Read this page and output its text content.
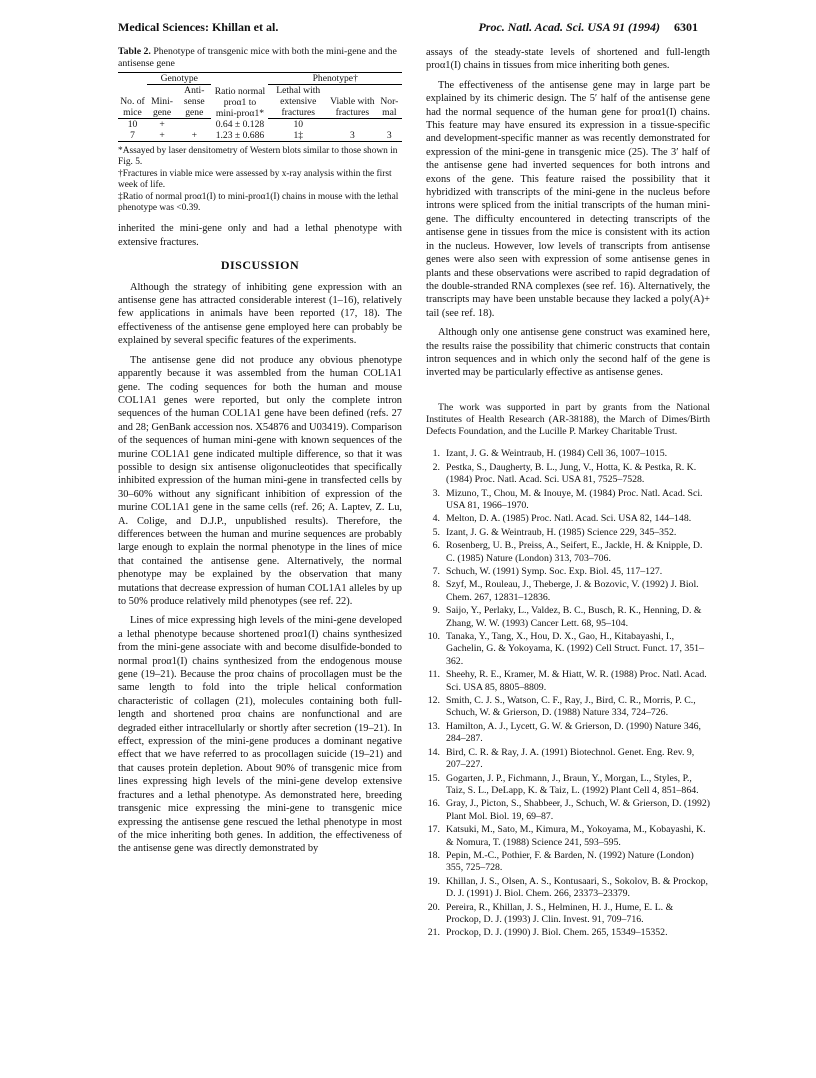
Medical Sciences: Khillan et al.	Proc. Natl. Acad. Sci. USA 91 (1994) 6301
Table 2. Phenotype of transgenic mice with both the mini-gene and the antisense gene
	Genotype		Ratio normal proα1 to mini-proα1*	Phenotype†		
No. of mice	Mini-gene	Anti-sense gene		Lethal with extensive fractures	Viable with fractures	Nor-mal
10	+		0.64 ± 0.128	10		
7	+	+	1.23 ± 0.686	1‡	3	3
*Assayed by laser densitometry of Western blots similar to those shown in Fig. 5.
†Fractures in viable mice were assessed by x-ray analysis within the first week of life.
‡Ratio of normal proα1(I) to mini-proα1(I) chains in mouse with the lethal phenotype was <0.39.

inherited the mini-gene only and had a lethal phenotype with extensive fractures.

DISCUSSION

Although the strategy of inhibiting gene expression with an antisense gene has attracted considerable interest (1–16), relatively few applications in animals have been reported (17, 18). The effectiveness of the antisense gene employed here can probably be explained by several specific features of the experiments.

The antisense gene did not produce any obvious phenotype apparently because it was assembled from the human COL1A1 gene. The coding sequences for both the human and mouse COL1A1 genes were reported, but only the complete intron sequences of the human COL1A1 gene have been defined (refs. 27 and 28; GenBank accession nos. X54876 and U03419). Comparison of the sequences of human mini-gene with known sequences of the murine COL1A1 gene indicated multiple difference, so that it was possible to design six antisense oligonucleotides that specifically inhibited expression of the human mini-gene in transfected cells by 30–60% without any significant inhibition of expression of the murine COL1A1 gene in the same cells (ref. 26; A. Laptev, Z. Lu, A. Colige, and D.J.P., unpublished results). Therefore, the differences between the human and murine sequences are probably large enough to explain the normal phenotype in the lines of mice that contained the antisense gene. Alternatively, the normal phenotype may be explained by the observation that many mutations that decrease expression of human COL1A1 alleles by up to 50% produce relatively mild phenotypes (see ref. 22).

Lines of mice expressing high levels of the mini-gene developed a lethal phenotype because shortened proα1(I) chains synthesized from the mini-gene associate with and become disulfide-bonded to normal proα1(I) chains synthesized from the endogenous mouse gene (19–21). Because the proα chains of procollagen must be the same length to fold into the triple helical conformation characteristic of collagen (21), molecules containing both full-length and shortened proα chains are nonfunctional and are degraded either intracellularly or shortly after secretion (19–21). In effect, expression of the mini-gene produces a dominant negative effect that we have referred to as procollagen suicide (19–21) and that causes protein depletion. About 90% of transgenic mice from lines expressing high levels of the mini-gene develop extensive fractures and a lethal phenotype. As demonstrated here, breeding transgenic mice expressing the mini-gene to transgenic mice expressing the antisense gene rescued the lethal phenotype in most of the mice inheriting both genes. In addition, the effectiveness of the antisense gene was directly demonstrated by

assays of the steady-state levels of shortened and full-length proα1(I) chains in tissues from mice inheriting both genes.

The effectiveness of the antisense gene may in large part be explained by its chimeric design. The 5′ half of the antisense gene had the normal sequence of the human gene for proα1(I) chains. This feature may have ensured its expression in a tissue-specific and development-specific manner as was recently demonstrated for expression of the mini-gene in transgenic mice (25). The 3′ half of the antisense gene had inverted sequences for both introns and exons of the gene. This feature raised the possibility that it hybridized with transcripts of the mini-gene in the nucleus before introns were spliced from the initial transcripts of the human mini-gene. The difficulty encountered in detecting transcripts of the antisense gene in tissues from the mice is consistent with its action in the nucleus. However, low levels of transcripts from antisense genes were also seen with expression of some antisense genes in plants and these observations were ascribed to rapid degradation of the double-stranded RNA complexes (see ref. 16). Alternatively, the transcripts may have been unstable because they lacked a poly(A)+ tail (see ref. 18).

Although only one antisense gene construct was examined here, the results raise the possibility that chimeric constructs that contain intron sequences and in which only the second half of the gene is inverted may be particularly effective as antisense genes.

The work was supported in part by grants from the National Institutes of Health Research (AR-38188), the March of Dimes/Birth Defects Foundation, and the Lucille P. Markey Charitable Trust.
1. Izant, J. G. & Weintraub, H. (1984) Cell 36, 1007–1015.
2. Pestka, S., Daugherty, B. L., Jung, V., Hotta, K. & Pestka, R. K. (1984) Proc. Natl. Acad. Sci. USA 81, 7525–7528.
3. Mizuno, T., Chou, M. & Inouye, M. (1984) Proc. Natl. Acad. Sci. USA 81, 1966–1970.
4. Melton, D. A. (1985) Proc. Natl. Acad. Sci. USA 82, 144–148.
5. Izant, J. G. & Weintraub, H. (1985) Science 229, 345–352.
6. Rosenberg, U. B., Preiss, A., Seifert, E., Jackle, H. & Knipple, D. C. (1985) Nature (London) 313, 703–706.
7. Schuch, W. (1991) Symp. Soc. Exp. Biol. 45, 117–127.
8. Szyf, M., Rouleau, J., Theberge, J. & Bozovic, V. (1992) J. Biol. Chem. 267, 12831–12836.
9. Saijo, Y., Perlaky, L., Valdez, B. C., Busch, R. K., Henning, D. & Zhang, W. W. (1993) Cancer Lett. 68, 95–104.
10. Tanaka, Y., Tang, X., Hou, D. X., Gao, H., Kitabayashi, I., Gachelin, G. & Yokoyama, K. (1992) Cell Struct. Funct. 17, 351–362.
11. Sheehy, R. E., Kramer, M. & Hiatt, W. R. (1988) Proc. Natl. Acad. Sci. USA 85, 8805–8809.
12. Smith, C. J. S., Watson, C. F., Ray, J., Bird, C. R., Morris, P. C., Schuch, W. & Grierson, D. (1988) Nature 334, 724–726.
13. Hamilton, A. J., Lycett, G. W. & Grierson, D. (1990) Nature 346, 284–287.
14. Bird, C. R. & Ray, J. A. (1991) Biotechnol. Genet. Eng. Rev. 9, 207–227.
15. Gogarten, J. P., Fichmann, J., Braun, Y., Morgan, L., Styles, P., Taiz, S. L., DeLapp, K. & Taiz, L. (1992) Plant Cell 4, 851–864.
16. Gray, J., Picton, S., Shabbeer, J., Schuch, W. & Grierson, D. (1992) Plant Mol. Biol. 19, 69–87.
17. Katsuki, M., Sato, M., Kimura, M., Yokoyama, M., Kobayashi, K. & Nomura, T. (1988) Science 241, 593–595.
18. Pepin, M.-C., Pothier, F. & Barden, N. (1992) Nature (London) 355, 725–728.
19. Khillan, J. S., Olsen, A. S., Kontusaari, S., Sokolov, B. & Prockop, D. J. (1991) J. Biol. Chem. 266, 23373–23379.
20. Pereira, R., Khillan, J. S., Helminen, H. J., Hume, E. L. & Prockop, D. J. (1993) J. Clin. Invest. 91, 709–716.
21. Prockop, D. J. (1990) J. Biol. Chem. 265, 15349–15352.
